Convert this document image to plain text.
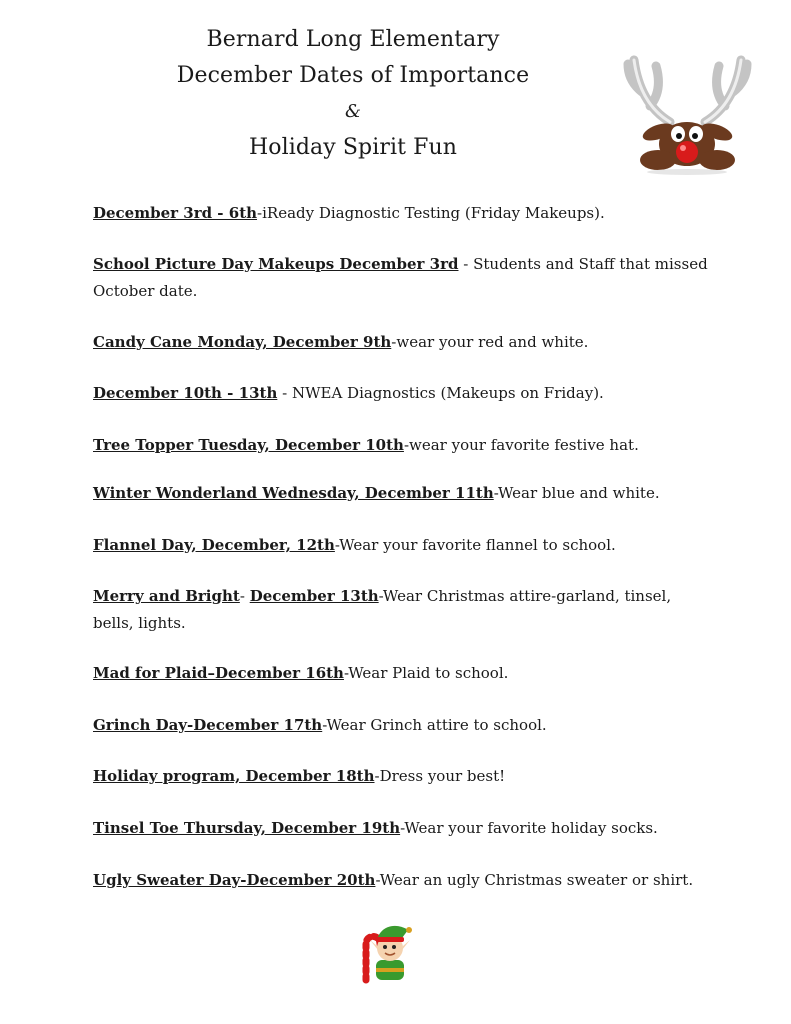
Bernard Long Elementary
December Dates of Importance
&
Holiday Spirit Fun
December 3rd - 6th-iReady Diagnostic Testing (Friday Makeups).
School Picture Day Makeups December 3rd - Students and Staff that missed October date.
Candy Cane Monday, December 9th-wear your red and white.
December 10th - 13th - NWEA Diagnostics (Makeups on Friday).
Tree Topper Tuesday, December 10th-wear your favorite festive hat.
Winter Wonderland Wednesday, December 11th-Wear blue and white.
Flannel Day, December, 12th-Wear your favorite flannel to school.
Merry and Bright- December 13th-Wear Christmas attire-garland, tinsel, bells, lights.
Mad for Plaid–December 16th-Wear Plaid to school.
Grinch Day-December 17th-Wear Grinch attire to school.
Holiday program, December 18th-Dress your best!
Tinsel Toe Thursday, December 19th-Wear your favorite holiday socks.
Ugly Sweater Day-December 20th-Wear an ugly Christmas sweater or shirt.
